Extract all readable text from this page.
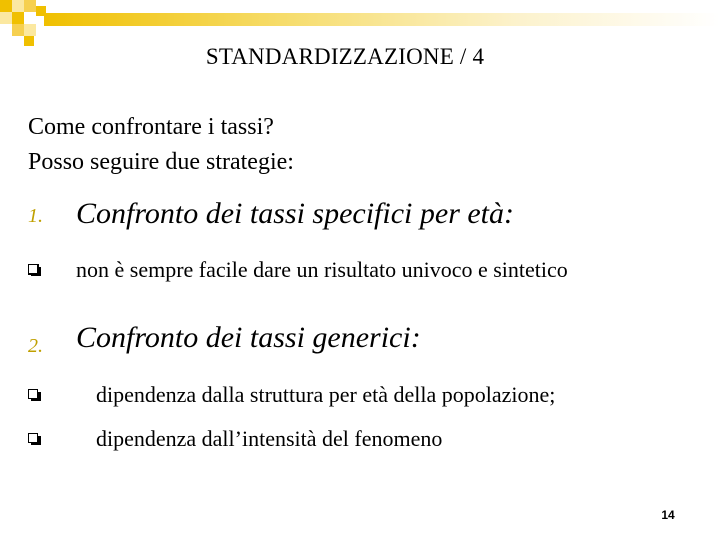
STANDARDIZZAZIONE / 4
Come confrontare i tassi?
Posso seguire due strategie:
1. Confronto dei tassi specifici per età:
non è sempre facile dare un risultato univoco e sintetico
2. Confronto dei tassi generici:
dipendenza dalla struttura per età della popolazione;
dipendenza dall’intensità del fenomeno
14
